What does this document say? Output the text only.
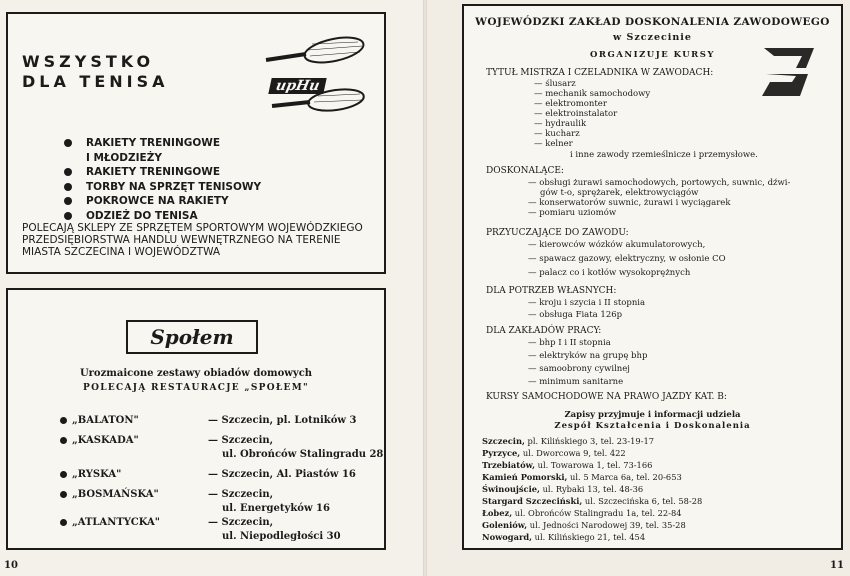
WSZYSTKO
DLA TENISA	upHu
RAKIETY TRENINGOWE
I MŁODZIEŻY
RAKIETY TRENINGOWE
TORBY NA SPRZĘT TENISOWY
POKROWCE NA RAKIETY
ODZIEŻ DO TENISA
POLECAJĄ SKLEPY ZE SPRZĘTEM SPORTOWYM WOJEWÓDZKIEGO PRZEDSIĘBIORSTWA HANDLU WEWNĘTRZNEGO NA TERENIE MIASTA SZCZECINA I WOJEWÓDZTWA
Społem
Urozmaicone zestawy obiadów domowych
POLECAJĄ RESTAURACJE „SPOŁEM"
„BALATON"	— Szczecin, pl. Lotników 3
„KASKADA"	— Szczecin,
ul. Obrońców Stalingradu 28
„RYSKA"	— Szczecin, Al. Piastów 16
„BOSMAŃSKA"	— Szczecin,
ul. Energetyków 16
„ATLANTYCKA"	— Szczecin,
ul. Niepodległości 30
10
WOJEWÓDZKI ZAKŁAD DOSKONALENIA ZAWODOWEGO
w Szczecinie
ORGANIZUJE KURSY
TYTUŁ MISTRZA I CZELADNIKA W ZAWODACH:
— ślusarz
— mechanik samochodowy
— elektromonter
— elektroinstalator
— hydraulik
— kucharz
— kelner
i inne zawody rzemieślnicze i przemysłowe.
DOSKONALĄCE:
— obsługi żurawi samochodowych, portowych, suwnic, dźwi-
gów t-o, sprężarek, elektrowyciągów
— konserwatorów suwnic, żurawi i wyciągarek
— pomiaru uziomów
PRZYUCZAJĄCE DO ZAWODU:
— kierowców wózków akumulatorowych,
— spawacz gazowy, elektryczny, w osłonie CO
— palacz co i kotłów wysokoprężnych
DLA POTRZEB WŁASNYCH:
— kroju i szycia i II stopnia
— obsługa Fiata 126p
DLA ZAKŁADÓW PRACY:
— bhp I i II stopnia
— elektryków na grupę bhp
— samoobrony cywilnej
— minimum sanitarne
KURSY SAMOCHODOWE NA PRAWO JAZDY KAT. B:
Zapisy przyjmuje i informacji udziela
Zespół Kształcenia i Doskonalenia
Szczecin, pl. Kilińskiego 3, tel. 23-19-17
Pyrzyce, ul. Dworcowa 9, tel. 422
Trzebiatów, ul. Towarowa 1, tel. 73-166
Kamień Pomorski, ul. 5 Marca 6a, tel. 20-653
Świnoujście, ul. Rybaki 13, tel. 48-36
Stargard Szczeciński, ul. Szczecińska 6, tel. 58-28
Łobez, ul. Obrońców Stalingradu 1a, tel. 22-84
Goleniów, ul. Jedności Narodowej 39, tel. 35-28
Nowogard, ul. Kilińskiego 21, tel. 454
11
